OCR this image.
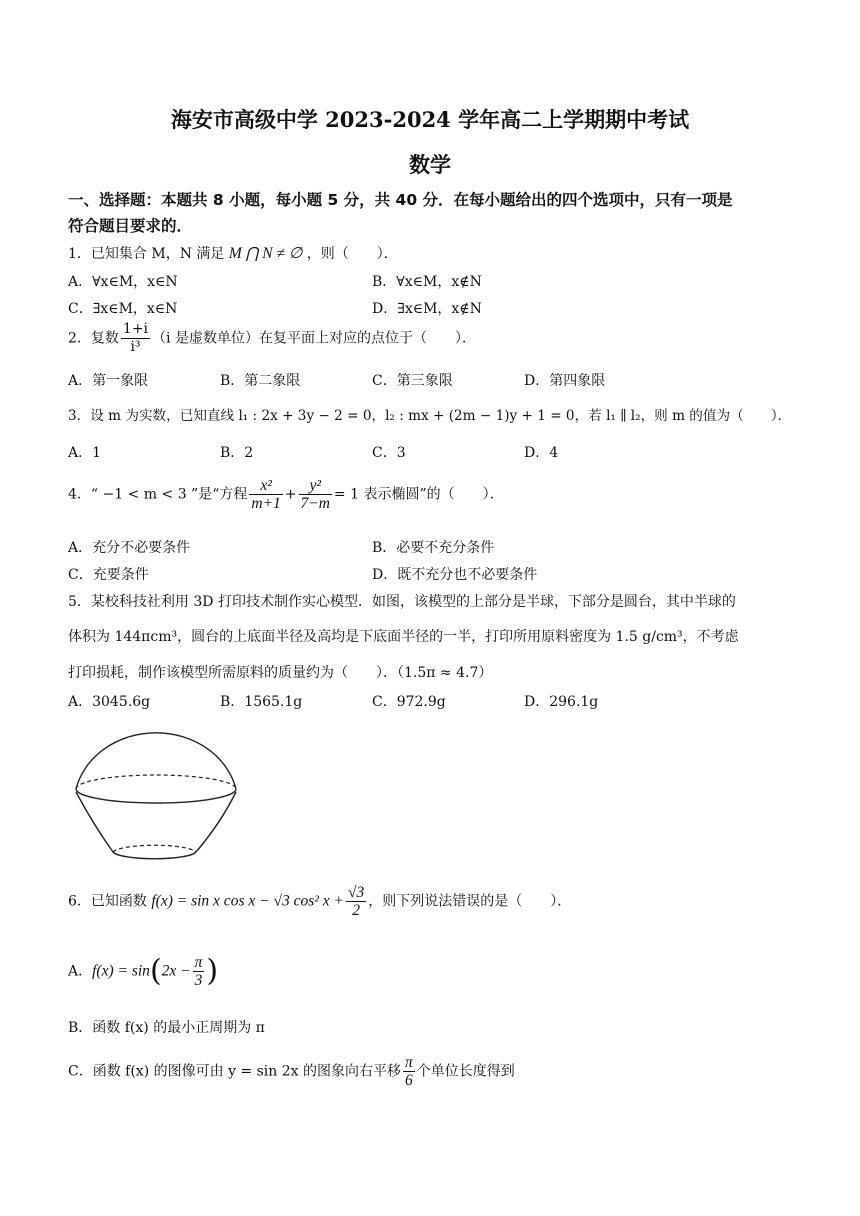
海安市高级中学 2023-2024 学年高二上学期期中考试
数学
一、选择题：本题共 8 小题，每小题 5 分，共 40 分．在每小题给出的四个选项中，只有一项是
符合题目要求的．
1．已知集合 M，N 满足 M ⋂ N ≠ ∅ ，则（　　）．
A．∀x∈M，x∈N	B．∀x∈M，x∉N
C．∃x∈M，x∈N	D．∃x∈M，x∉N
2．复数 $\frac{1+i}{\text{i³}} (i$ 是虚数单位）在复平面上对应的点位于（　　）．
A．第一象限	B．第二象限	C．第三象限	D．第四象限
3．设 m 为实数，已知直线 l₁ : 2x + 3y − 2 = 0，l₂ : mx + (2m − 1)y + 1 = 0，若 l₁ ∥ l₂，则 m 的值为（　　）．
A．1	B．2	C．3	D．4
4．“ −1 < m < 3 ”是“方程 $\frac{\text{x²}}{m+1} + \frac{\text{y²}}{7-m} = 1$ 表示椭圆”的（　　）．
A．充分不必要条件	B．必要不充分条件
C．充要条件	D．既不充分也不必要条件
5．某校科技社利用 3D 打印技术制作实心模型．如图，该模型的上部分是半球，下部分是圆台，其中半球的
体积为 144πcm³，圆台的上底面半径及高均是下底面半径的一半，打印所用原料密度为 1.5 g/cm³，不考虑
打印损耗，制作该模型所需原料的质量约为（　　）．（1.5π ≈ 4.7）
A．3045.6g	B．1565.1g	C．972.9g	D．296.1g
6．已知函数 f(x) = sin x cos x − √3 cos² $x + \frac{√3}{2}$ ，则下列说法错误的是（　　）．
A．$f(x) = \sin(2x - \frac{\pi}{3}$ )
B．函数 f(x) 的最小正周期为 π
C．函数 f(x) 的图像可由 y = sin 2x 的图象向右平移 $\frac{\pi}{6}$ 个单位长度得到
